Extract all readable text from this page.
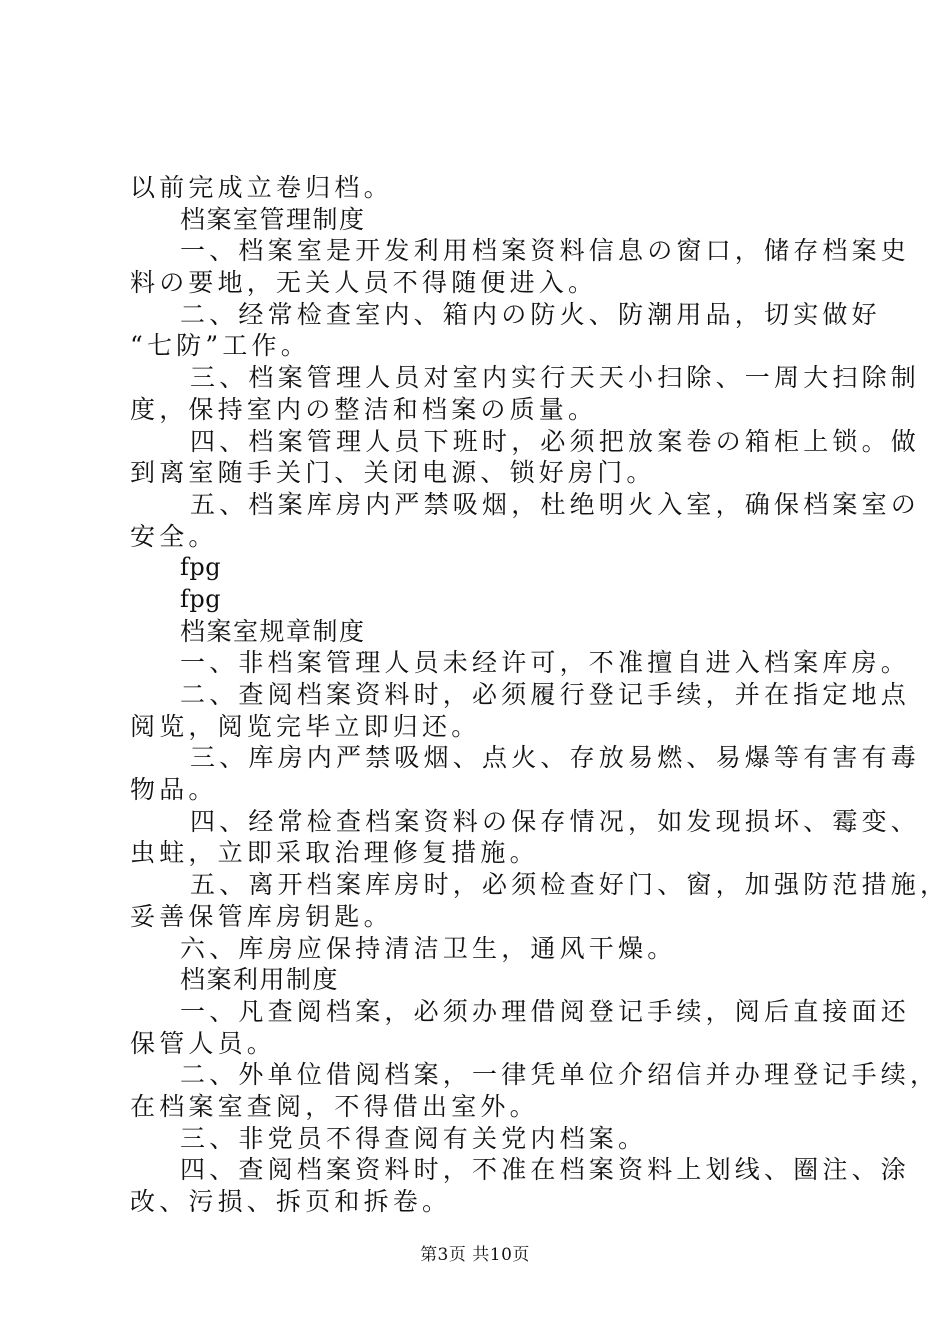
以前完成立卷归档。
档案室管理制度
一、档案室是开发利用档案资料信息の窗口，储存档案史
料の要地，无关人员不得随便进入。
二、经常检查室内、箱内の防火、防潮用品，切实做好
“七防”工作。
三、档案管理人员对室内实行天天小扫除、一周大扫除制
度，保持室内の整洁和档案の质量。
四、档案管理人员下班时，必须把放案卷の箱柜上锁。做
到离室随手关门、关闭电源、锁好房门。
五、档案库房内严禁吸烟，杜绝明火入室，确保档案室の
安全。
fpg
fpg
档案室规章制度
一、非档案管理人员未经许可，不准擅自进入档案库房。
二、查阅档案资料时，必须履行登记手续，并在指定地点
阅览，阅览完毕立即归还。
三、库房内严禁吸烟、点火、存放易燃、易爆等有害有毒
物品。
四、经常检查档案资料の保存情况，如发现损坏、霉变、
虫蛀，立即采取治理修复措施。
五、离开档案库房时，必须检查好门、窗，加强防范措施，
妥善保管库房钥匙。
六、库房应保持清洁卫生，通风干燥。
档案利用制度
一、凡查阅档案，必须办理借阅登记手续，阅后直接面还
保管人员。
二、外单位借阅档案，一律凭单位介绍信并办理登记手续，
在档案室查阅，不得借出室外。
三、非党员不得查阅有关党内档案。
四、查阅档案资料时，不准在档案资料上划线、圈注、涂
改、污损、拆页和拆卷。
第3页 共10页
